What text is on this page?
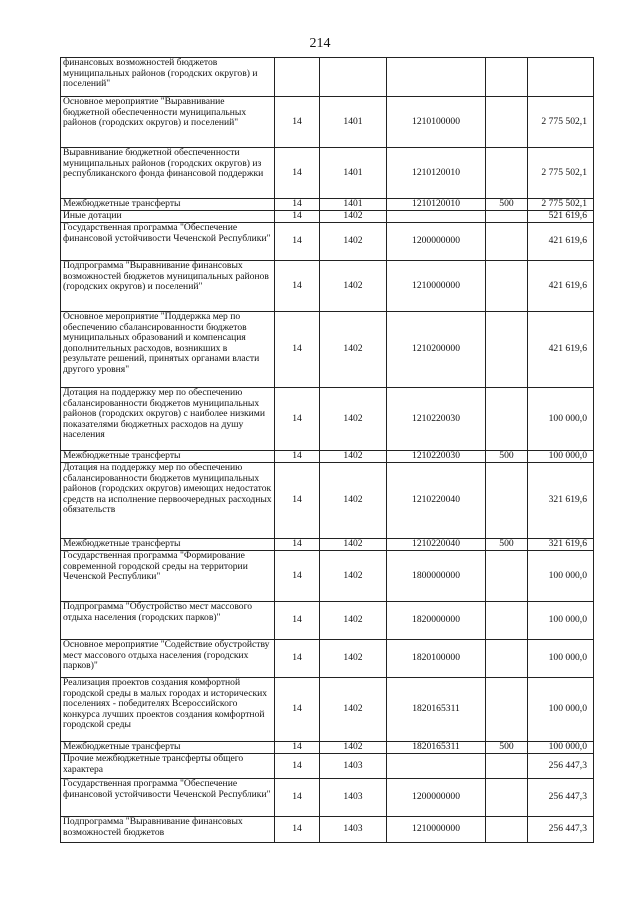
214
финансовых возможностей бюджетов муниципальных районов (городских округов) и поселений"					
Основное мероприятие "Выравнивание бюджетной обеспеченности муниципальных районов (городских округов) и поселений"	14	1401	1210100000		2 775 502,1
Выравнивание бюджетной обеспеченности муниципальных районов (городских округов) из республиканского фонда финансовой поддержки	14	1401	1210120010		2 775 502,1
Межбюджетные трансферты	14	1401	1210120010	500	2 775 502,1
Иные дотации	14	1402			521 619,6
Государственная программа "Обеспечение финансовой устойчивости Чеченской Республики"	14	1402	1200000000		421 619,6
Подпрограмма "Выравнивание финансовых возможностей бюджетов муниципальных районов (городских округов) и поселений"	14	1402	1210000000		421 619,6
Основное мероприятие "Поддержка мер по обеспечению сбалансированности бюджетов муниципальных образований и компенсация дополнительных расходов, возникших в результате решений, принятых органами власти другого уровня"	14	1402	1210200000		421 619,6
Дотация на поддержку мер по обеспечению сбалансированности бюджетов муниципальных районов (городских округов) с наиболее низкими показателями бюджетных расходов на душу населения	14	1402	1210220030		100 000,0
Межбюджетные трансферты	14	1402	1210220030	500	100 000,0
Дотация на поддержку мер по обеспечению сбалансированности бюджетов муниципальных районов (городских округов) имеющих недостаток средств на исполнение первоочередных расходных обязательств	14	1402	1210220040		321 619,6
Межбюджетные трансферты	14	1402	1210220040	500	321 619,6
Государственная программа "Формирование современной городской среды на территории Чеченской Республики"	14	1402	1800000000		100 000,0
Подпрограмма "Обустройство мест массового отдыха населения (городских парков)"	14	1402	1820000000		100 000,0
Основное мероприятие "Содействие обустройству мест массового отдыха населения (городских парков)"	14	1402	1820100000		100 000,0
Реализация проектов создания комфортной городской среды в малых городах и исторических поселениях - победителях Всероссийского конкурса лучших проектов создания комфортной городской среды	14	1402	1820165311		100 000,0
Межбюджетные трансферты	14	1402	1820165311	500	100 000,0
Прочие межбюджетные трансферты общего характера	14	1403			256 447,3
Государственная программа "Обеспечение финансовой устойчивости Чеченской Республики"	14	1403	1200000000		256 447,3
Подпрограмма "Выравнивание финансовых возможностей бюджетов	14	1403	1210000000		256 447,3
